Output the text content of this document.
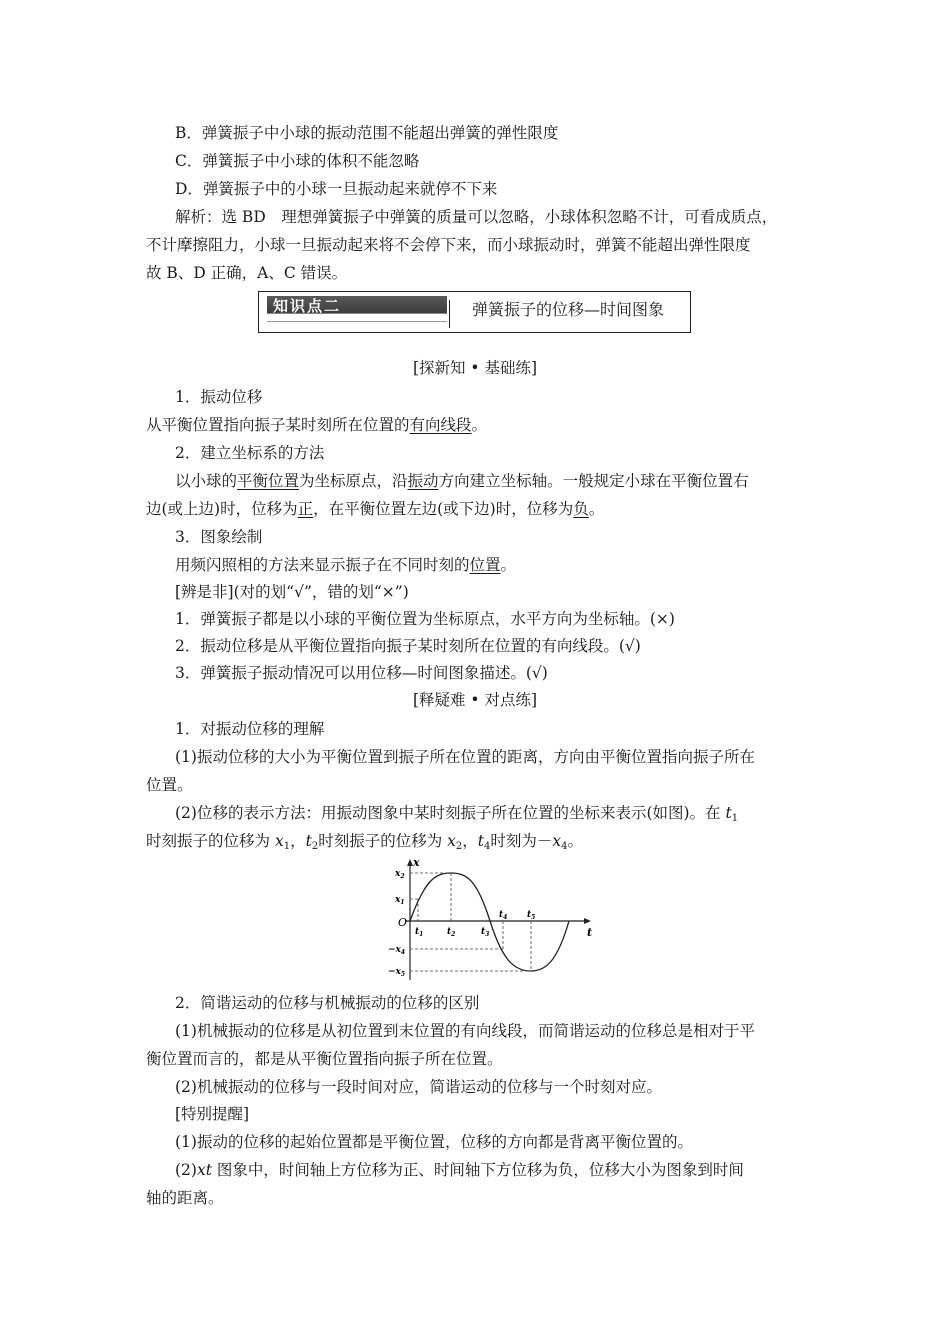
B．弹簧振子中小球的振动范围不能超出弹簧的弹性限度
C．弹簧振子中小球的体积不能忽略
D．弹簧振子中的小球一旦振动起来就停不下来
解析：选 BD　理想弹簧振子中弹簧的质量可以忽略，小球体积忽略不计，可看成质点，
不计摩擦阻力，小球一旦振动起来将不会停下来，而小球振动时，弹簧不能超出弹性限度
故 B、D 正确，A、C 错误。
知识点二	弹簧振子的位移—时间图象
[探新知 • 基础练]
1．振动位移
从平衡位置指向振子某时刻所在位置的有向线段。
2．建立坐标系的方法
以小球的平衡位置为坐标原点，沿振动方向建立坐标轴。一般规定小球在平衡位置右
边(或上边)时，位移为正，在平衡位置左边(或下边)时，位移为负。
3．图象绘制
用频闪照相的方法来显示振子在不同时刻的位置。
[辨是非](对的划“√”，错的划“×”)
1．弹簧振子都是以小球的平衡位置为坐标原点，水平方向为坐标轴。(×)
2．振动位移是从平衡位置指向振子某时刻所在位置的有向线段。(√)
3．弹簧振子振动情况可以用位移—时间图象描述。(√)
[释疑难 • 对点练]
1．对振动位移的理解
(1)振动位移的大小为平衡位置到振子所在位置的距离，方向由平衡位置指向振子所在
位置。
(2)位移的表示方法：用振动图象中某时刻振子所在位置的坐标来表示(如图)。在 $t_1$
时刻振子的位移为 $x_1$，$t_2$时刻振子的位移为 $x_2$，$t_4$时刻为$-x_4$。
x
t
O
$x_2$
$x_1$
$-x_4$
$-x_5$
$t_1$	$t_2$	$t_3$
$t_4$ $t_5$
2．简谐运动的位移与机械振动的位移的区别
(1)机械振动的位移是从初位置到末位置的有向线段，而简谐运动的位移总是相对于平
衡位置而言的，都是从平衡位置指向振子所在位置。
(2)机械振动的位移与一段时间对应，简谐运动的位移与一个时刻对应。
[特别提醒]
(1)振动的位移的起始位置都是平衡位置，位移的方向都是背离平衡位置的。
(2)xt 图象中，时间轴上方位移为正、时间轴下方位移为负，位移大小为图象到时间
轴的距离。
